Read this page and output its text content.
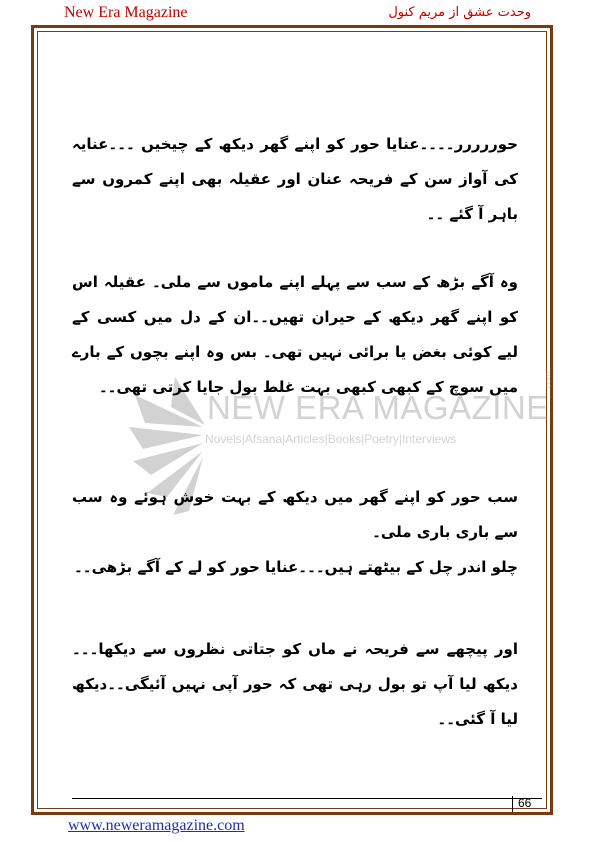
New Era Magazine	وحدت عشق از مریم کنول
NEW ERA MAGAZINE
Novels|Afsana|Articles|Books|Poetry|Interviews
.com

حوررررر۔۔۔۔عنایا حور کو اپنے گھر دیکھ کے چیخیں ۔۔۔عنایہ کی آواز سن کے فریحہ عنان اور عقیلہ بھی اپنے کمروں سے باہر آ گئے ۔۔

وہ آگے بڑھ کے سب سے پہلے اپنے ماموں سے ملی۔ عقیلہ اس کو اپنے گھر دیکھ کے حیران تھیں۔۔ان کے دل میں کسی کے لیے کوئی بغض یا برائی نہیں تھی۔ بس وہ اپنے بچوں کے بارے میں سوچ کے کبھی کبھی بہت غلط بول جایا کرتی تھی۔۔

سب حور کو اپنے گھر میں دیکھ کے بہت خوش ہوئے وہ سب سے باری باری ملی۔

چلو اندر چل کے بیٹھتے ہیں۔۔۔عنایا حور کو لے کے آگے بڑھی۔۔

اور پیچھے سے فریحہ نے ماں کو جتاتی نظروں سے دیکھا۔۔۔دیکھ لیا آپ تو بول رہی تھی کہ حور آپی نہیں آئیگی۔۔دیکھ لیا آ گئی۔۔

66
www.neweramagazine.com
